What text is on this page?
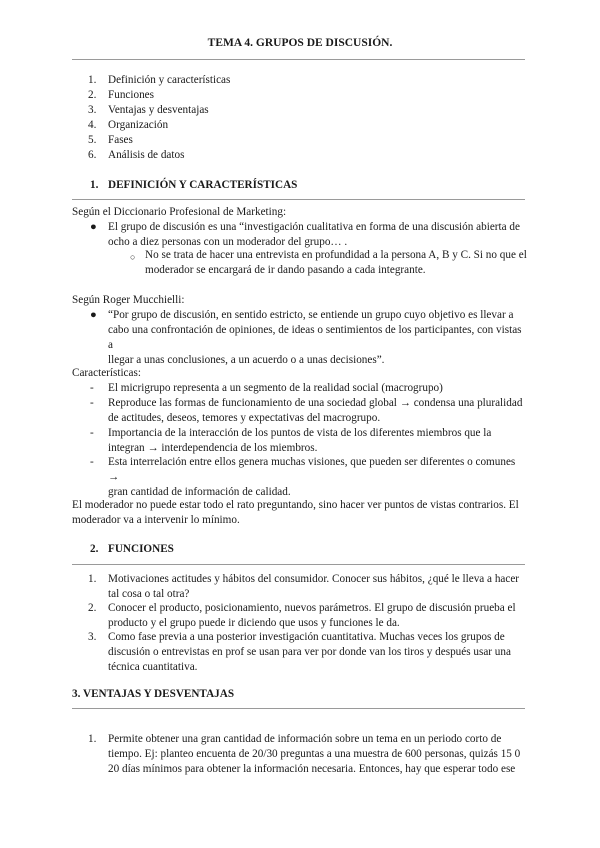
TEMA 4. GRUPOS DE DISCUSIÓN.
1.	Definición y características
2.	Funciones
3.	Ventajas y desventajas
4.	Organización
5.	Fases
6.	Análisis de datos
1. DEFINICIÓN Y CARACTERÍSTICAS
Según el Diccionario Profesional de Marketing:
● El grupo de discusión es una “investigación cualitativa en forma de una discusión abierta de
ocho a diez personas con un moderador del grupo… .
○ No se trata de hacer una entrevista en profundidad a la persona A, B y C. Si no que el
moderador se encargará de ir dando pasando a cada integrante.
Según Roger Mucchielli:
● “Por grupo de discusión, en sentido estricto, se entiende un grupo cuyo objetivo es llevar a
cabo una confrontación de opiniones, de ideas o sentimientos de los participantes, con vistas a
llegar a unas conclusiones, a un acuerdo o a unas decisiones”.
Características:
- El micrigrupo representa a un segmento de la realidad social (macrogrupo)
- Reproduce las formas de funcionamiento de una sociedad global → condensa una pluralidad
de actitudes, deseos, temores y expectativas del macrogrupo.
- Importancia de la interacción de los puntos de vista de los diferentes miembros que la
integran → interdependencia de los miembros.
- Esta interrelación entre ellos genera muchas visiones, que pueden ser diferentes o comunes →
gran cantidad de información de calidad.
El moderador no puede estar todo el rato preguntando, sino hacer ver puntos de vistas contrarios. El
moderador va a intervenir lo mínimo.
2. FUNCIONES
1.	Motivaciones actitudes y hábitos del consumidor. Conocer sus hábitos, ¿qué le lleva a hacer
tal cosa o tal otra?
2.	Conocer el producto, posicionamiento, nuevos parámetros. El grupo de discusión prueba el
producto y el grupo puede ir diciendo que usos y funciones le da.
3.	Como fase previa a una posterior investigación cuantitativa. Muchas veces los grupos de
discusión o entrevistas en prof se usan para ver por donde van los tiros y después usar una
técnica cuantitativa.
3. VENTAJAS Y DESVENTAJAS
1.	Permite obtener una gran cantidad de información sobre un tema en un periodo corto de
tiempo. Ej: planteo encuenta de 20/30 preguntas a una muestra de 600 personas, quizás 15 0
20 días mínimos para obtener la información necesaria. Entonces, hay que esperar todo ese
